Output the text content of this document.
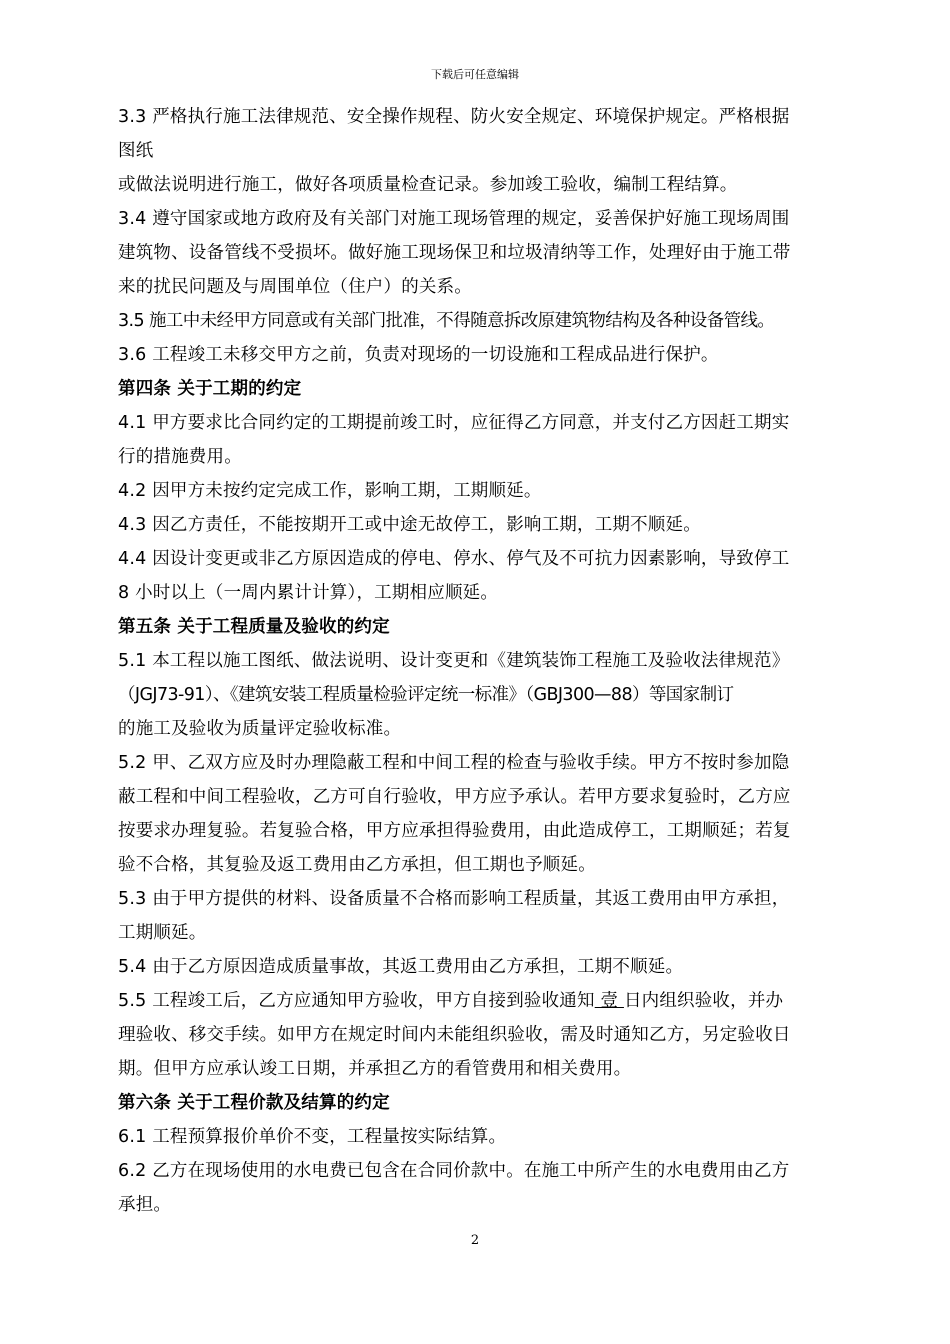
下载后可任意编辑
3.3 严格执行施工法律规范、安全操作规程、防火安全规定、环境保护规定。严格根据
图纸
或做法说明进行施工，做好各项质量检查记录。参加竣工验收，编制工程结算。
3.4 遵守国家或地方政府及有关部门对施工现场管理的规定，妥善保护好施工现场周围
建筑物、设备管线不受损坏。做好施工现场保卫和垃圾清纳等工作，处理好由于施工带
来的扰民问题及与周围单位（住户）的关系。
3.5 施工中未经甲方同意或有关部门批准，不得随意拆改原建筑物结构及各种设备管线。
3.6 工程竣工未移交甲方之前，负责对现场的一切设施和工程成品进行保护。
第四条 关于工期的约定
4.1 甲方要求比合同约定的工期提前竣工时，应征得乙方同意，并支付乙方因赶工期实
行的措施费用。
4.2 因甲方未按约定完成工作，影响工期，工期顺延。
4.3 因乙方责任，不能按期开工或中途无故停工，影响工期，工期不顺延。
4.4 因设计变更或非乙方原因造成的停电、停水、停气及不可抗力因素影响，导致停工
8 小时以上（一周内累计计算），工期相应顺延。
第五条 关于工程质量及验收的约定
5.1 本工程以施工图纸、做法说明、设计变更和《建筑装饰工程施工及验收法律规范》
（JGJ73-91）、《建筑安装工程质量检验评定统一标准》（GBJ300—88）等国家制订
的施工及验收为质量评定验收标准。
5.2 甲、乙双方应及时办理隐蔽工程和中间工程的检查与验收手续。甲方不按时参加隐
蔽工程和中间工程验收，乙方可自行验收，甲方应予承认。若甲方要求复验时，乙方应
按要求办理复验。若复验合格，甲方应承担得验费用，由此造成停工，工期顺延；若复
验不合格，其复验及返工费用由乙方承担，但工期也予顺延。
5.3 由于甲方提供的材料、设备质量不合格而影响工程质量，其返工费用由甲方承担，
工期顺延。
5.4 由于乙方原因造成质量事故，其返工费用由乙方承担，工期不顺延。
5.5 工程竣工后，乙方应通知甲方验收，甲方自接到验收通知 壹 日内组织验收，并办
理验收、移交手续。如甲方在规定时间内未能组织验收，需及时通知乙方，另定验收日
期。但甲方应承认竣工日期，并承担乙方的看管费用和相关费用。
第六条 关于工程价款及结算的约定
6.1 工程预算报价单价不变，工程量按实际结算。
6.2 乙方在现场使用的水电费已包含在合同价款中。在施工中所产生的水电费用由乙方
承担。
2
